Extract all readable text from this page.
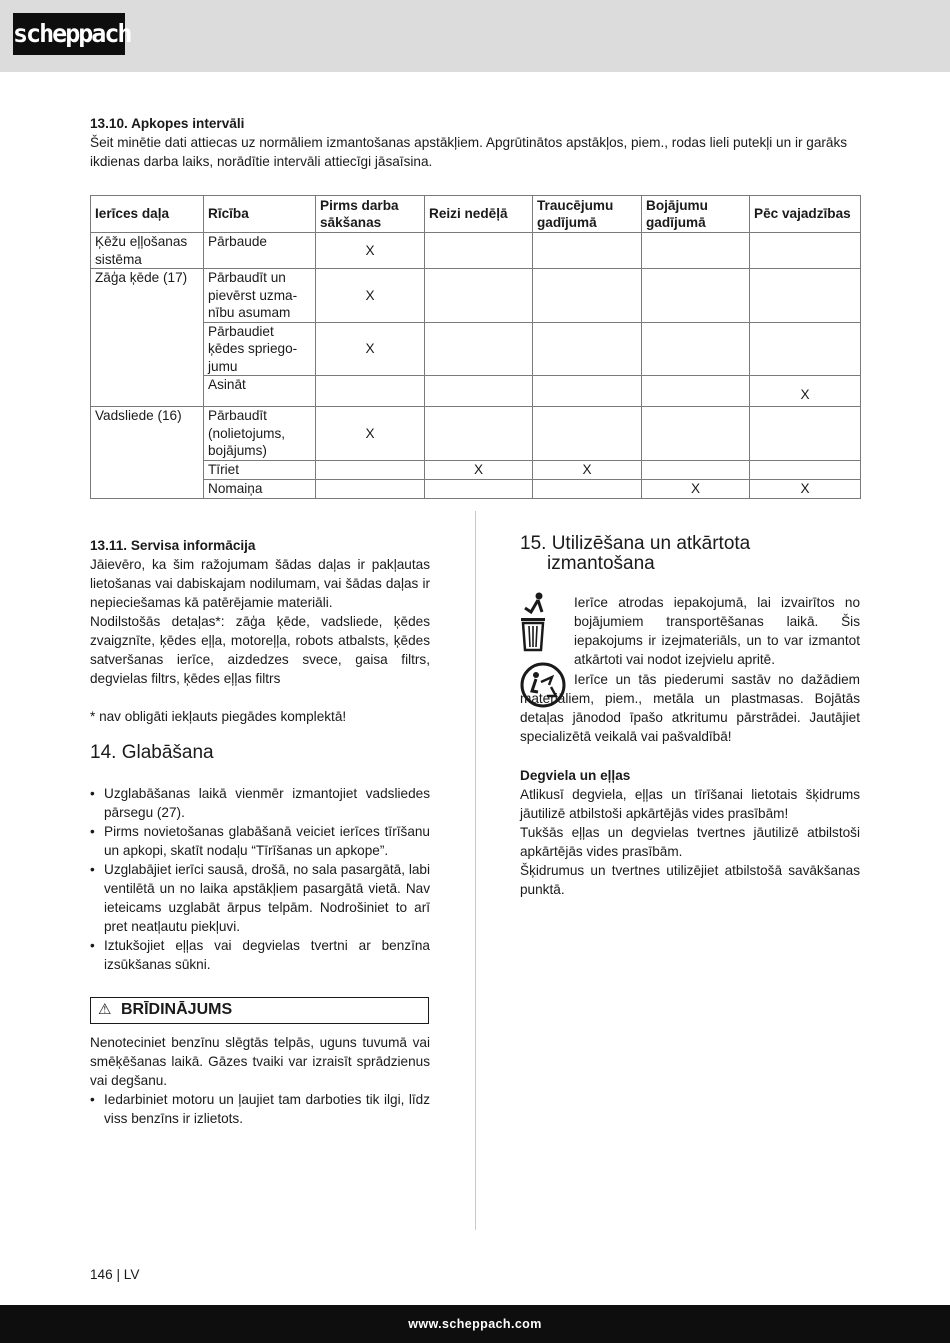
scheppach

13.10. Apkopes intervāli

Šeit minētie dati attiecas uz normāliem izmantošanas apstākļiem. Apgrūtinātos apstākļos, piem., rodas lieli putekļi un ir garāks ikdienas darba laiks, norādītie intervāli attiecīgi jāsaīsina.

Ierīces daļa	Rīcība	Pirms darba sākšanas	Reizi nedēļā	Traucējumu gadījumā	Bojājumu gadījumā	Pēc vajadzības
Ķēžu eļļošanas sistēma	Pārbaude	X				
Zāģa ķēde (17)	Pārbaudīt un pievērst uzma-nību asumam	X				
	Pārbaudiet ķēdes spriego-jumu	X				
	Asināt					X
Vadsliede (16)	Pārbaudīt (nolietojums, bojājums)	X				
	Tīriet		X	X		
	Nomaiņa				X	X

13.11. Servisa informācija

Jāievēro, ka šim ražojumam šādas daļas ir pakļautas lietošanas vai dabiskajam nodilumam, vai šādas daļas ir nepieciešamas kā patērējamie materiāli.

Nodilstošās detaļas*: zāģa ķēde, vadsliede, ķēdes zvaigznīte, ķēdes eļļa, motoreļļa, robots atbalsts, ķēdes satveršanas ierīce, aizdedzes svece, gaisa filtrs, degvielas filtrs, ķēdes eļļas filtrs

* nav obligāti iekļauts piegādes komplektā!

14. Glabāšana
• Uzglabāšanas laikā vienmēr izmantojiet vadsliedes pārsegu (27).
• Pirms novietošanas glabāšanā veiciet ierīces tīrīšanu un apkopi, skatīt nodaļu “Tīrīšanas un apkope”.
• Uzglabājiet ierīci sausā, drošā, no sala pasargātā, labi ventilētā un no laika apstākļiem pasargātā vietā. Nav ieteicams uzglabāt ārpus telpām. Nodrošiniet to arī pret neatļautu piekļuvi.
• Iztukšojiet eļļas vai degvielas tvertni ar benzīna izsūkšanas sūkni.
⚠ BRĪDINĀJUMS

Nenoteciniet benzīnu slēgtās telpās, uguns tuvumā vai smēķēšanas laikā. Gāzes tvaiki var izraisīt sprādzienus vai degšanu.

• Iedarbiniet motoru un ļaujiet tam darboties tik ilgi, līdz viss benzīns ir izlietots.
15. Utilizēšana un atkārtota
izmantošana

Ierīce atrodas iepakojumā, lai izvairītos no bojājumiem transportēšanas laikā. Šis iepakojums ir izejmateriāls, un to var izmantot atkārtoti vai nodot izejvielu apritē.

Ierīce un tās piederumi sastāv no dažādiem materiāliem, piem., metāla un plastmasas. Bojātās detaļas jānodod īpašo atkritumu pārstrādei. Jautājiet specializētā veikalā vai pašvaldībā!

Degviela un eļļas

Atlikusī degviela, eļļas un tīrīšanai lietotais šķidrums jāutilizē atbilstoši apkārtējās vides prasībām!

Tukšās eļļas un degvielas tvertnes jāutilizē atbilstoši apkārtējās vides prasībām.

Šķidrumus un tvertnes utilizējiet atbilstošā savākšanas punktā.

146 | LV
www.scheppach.com
